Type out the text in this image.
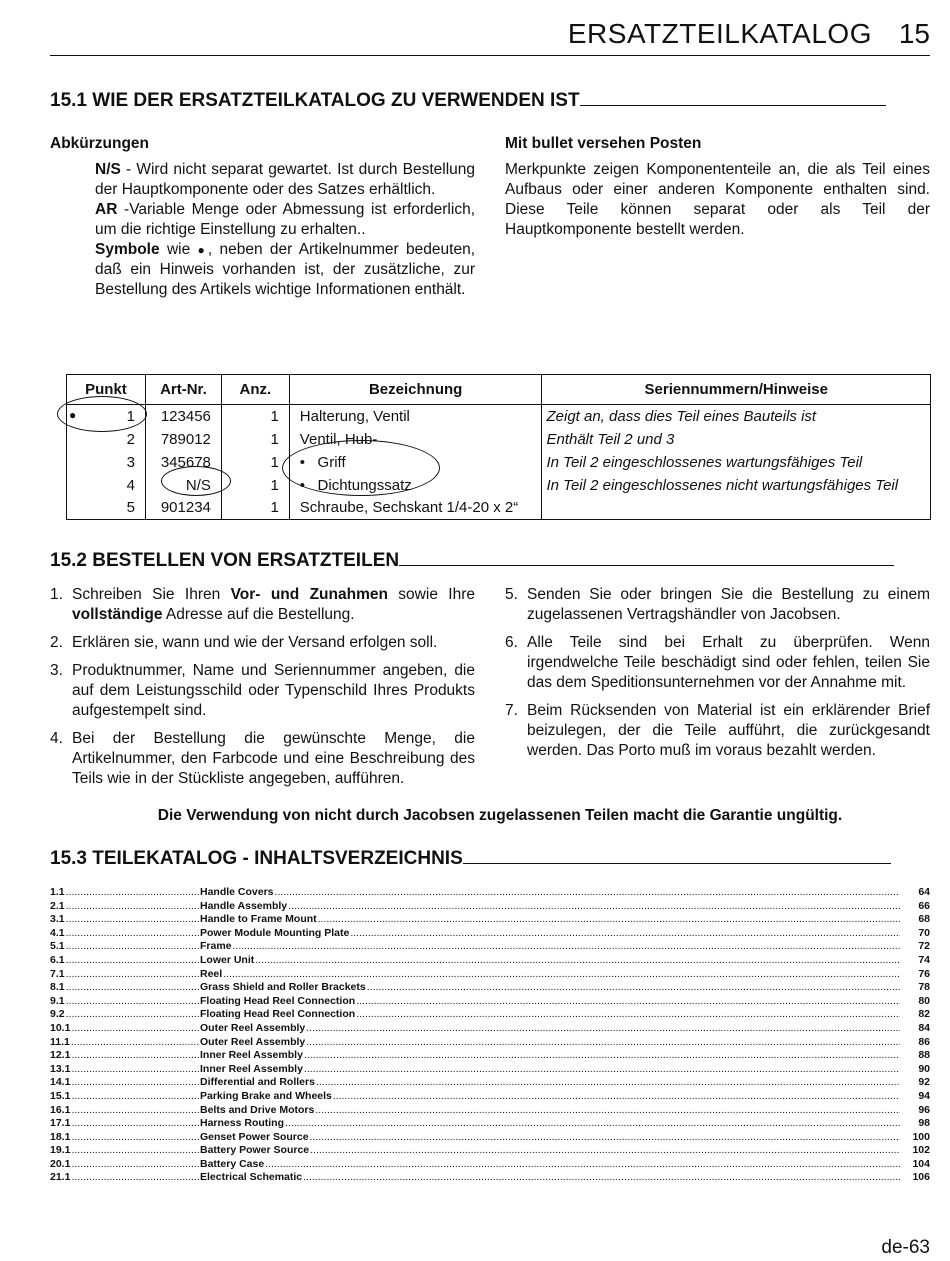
ERSATZTEILKATALOG 15
15.1 WIE DER ERSATZTEILKATALOG ZU VERWENDEN IST
Abkürzungen

N/S - Wird nicht separat gewartet. Ist durch Bestellung der Hauptkomponente oder des Satzes erhältlich.

AR -Variable Menge oder Abmessung ist erforderlich, um die richtige Einstellung zu erhalten..

Symbole wie ●, neben der Artikelnummer bedeuten, daß ein Hinweis vorhanden ist, der zusätzliche, zur Bestellung des Artikels wichtige Informationen enthält.

Mit bullet versehen Posten

Merkpunkte zeigen Komponententeile an, die als Teil eines Aufbaus oder einer anderen Komponente enthalten sind. Diese Teile können separat oder als Teil der Hauptkomponente bestellt werden.

Punkt	Art-Nr.	Anz.	Bezeichnung	Seriennummern/Hinweise

● 1	123456	1	Halterung, Ventil	Zeigt an, dass dies Teil eines Bauteils ist
2	789012	1	Ventil, Hub-	Enthält Teil 2 und 3
3	345678	1	•   Griff	In Teil 2 eingeschlossenes wartungsfähiges Teil
4	N/S	1	•   Dichtungssatz	In Teil 2 eingeschlossenes nicht wartungsfähiges Teil
5	901234	1	Schraube, Sechskant 1/4-20 x 2“	
15.2 BESTELLEN VON ERSATZTEILEN
1. Schreiben Sie Ihren Vor- und Zunahmen sowie Ihre vollständige Adresse auf die Bestellung.
2. Erklären sie, wann und wie der Versand erfolgen soll.
3. Produktnummer, Name und Seriennummer angeben, die auf dem Leistungsschild oder Typenschild Ihres Produkts aufgestempelt sind.
4. Bei der Bestellung die gewünschte Menge, die Artikelnummer, den Farbcode und eine Beschreibung des Teils wie in der Stückliste angegeben, aufführen.
5. Senden Sie oder bringen Sie die Bestellung zu einem zugelassenen Vertragshändler von Jacobsen.
6. Alle Teile sind bei Erhalt zu überprüfen. Wenn irgendwelche Teile beschädigt sind oder fehlen, teilen Sie das dem Speditionsunternehmen vor der Annahme mit.
7. Beim Rücksenden von Material ist ein erklärender Brief beizulegen, der die Teile aufführt, die zurückgesandt werden. Das Porto muß im voraus bezahlt werden.
Die Verwendung von nicht durch Jacobsen zugelassenen Teilen macht die Garantie ungültig.
15.3 TEILEKATALOG - INHALTSVERZEICHNIS
1.1 .....	Handle Covers .....	64
2.1 .....	Handle Assembly .....	66
3.1 .....	Handle to Frame Mount .....	68
4.1 .....	Power Module Mounting Plate .....	70
5.1 .....	Frame .....	72
6.1 .....	Lower Unit .....	74
7.1 .....	Reel .....	76
8.1 .....	Grass Shield and Roller Brackets .....	78
9.1 .....	Floating Head Reel Connection .....	80
9.2 .....	Floating Head Reel Connection .....	82
10.1 .....	Outer Reel Assembly .....	84
11.1 .....	Outer Reel Assembly .....	86
12.1 .....	Inner Reel Assembly .....	88
13.1 .....	Inner Reel Assembly .....	90
14.1 .....	Differential and Rollers .....	92
15.1 .....	Parking Brake and Wheels .....	94
16.1 .....	Belts and Drive Motors .....	96
17.1 .....	Harness Routing .....	98
18.1 .....	Genset Power Source .....	100
19.1 .....	Battery Power Source .....	102
20.1 .....	Battery Case .....	104
21.1 .....	Electrical Schematic .....	106
de-63
